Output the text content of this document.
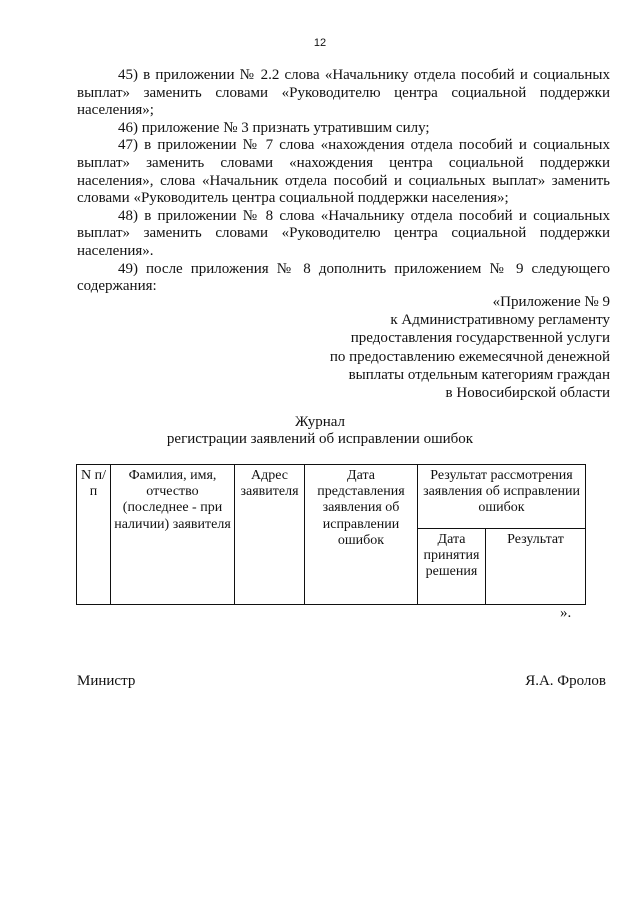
12

45) в приложении № 2.2 слова «Начальнику отдела пособий и социальных выплат» заменить словами «Руководителю центра социальной поддержки населения»;

46) приложение № 3 признать утратившим силу;

47) в приложении № 7 слова «нахождения отдела пособий и социальных выплат» заменить словами «нахождения центра социальной поддержки населения», слова «Начальник отдела пособий и социальных выплат» заменить словами «Руководитель центра социальной поддержки населения»;

48) в приложении № 8 слова «Начальнику отдела пособий и социальных выплат» заменить словами «Руководителю центра социальной поддержки населения».

49) после приложения № 8 дополнить приложением № 9 следующего содержания:

«Приложение № 9
к Административному регламенту
предоставления государственной услуги
по предоставлению ежемесячной денежной
выплаты отдельным категориям граждан
в Новосибирской области
Журнал
регистрации заявлений об исправлении ошибок
N п/п	Фамилия, имя, отчество (последнее - при наличии) заявителя	Адрес заявителя	Дата представления заявления об исправлении ошибок	Результат рассмотрения заявления об исправлении ошибок	
				Дата принятия решения	Результат
».
Министр	Я.А. Фролов
